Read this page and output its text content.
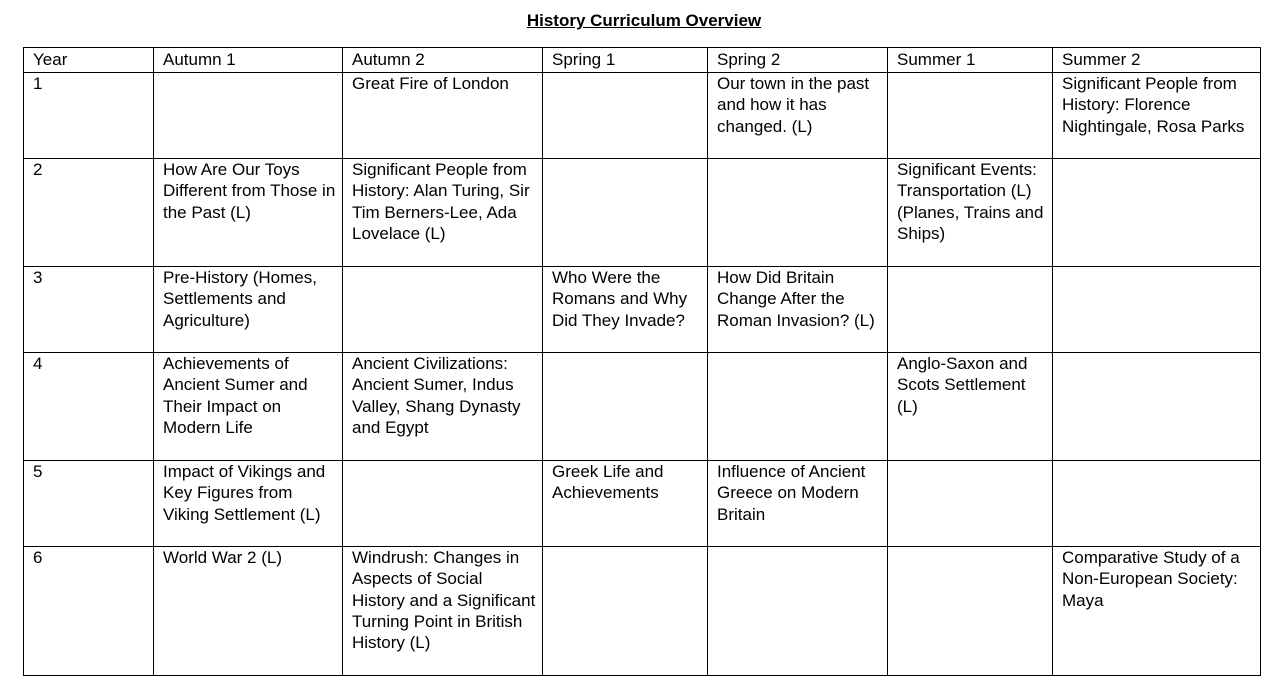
History Curriculum Overview
Year	Autumn 1	Autumn 2	Spring 1	Spring 2	Summer 1	Summer 2
1		Great Fire of London		Our town in the past and how it has changed. (L)		Significant People from History: Florence Nightingale, Rosa Parks
2	How Are Our Toys Different from Those in the Past (L)	Significant People from History: Alan Turing, Sir Tim Berners-Lee, Ada Lovelace (L)			Significant Events: Transportation (L) (Planes, Trains and Ships)	
3	Pre-History (Homes, Settlements and Agriculture)		Who Were the Romans and Why Did They Invade?	How Did Britain Change After the Roman Invasion? (L)		
4	Achievements of Ancient Sumer and Their Impact on Modern Life	Ancient Civilizations: Ancient Sumer, Indus Valley, Shang Dynasty and Egypt			Anglo-Saxon and Scots Settlement (L)	
5	Impact of Vikings and Key Figures from Viking Settlement (L)		Greek Life and Achievements	Influence of Ancient Greece on Modern Britain		
6	World War 2 (L)	Windrush: Changes in Aspects of Social History and a Significant Turning Point in British History (L)				Comparative Study of a Non-European Society: Maya
